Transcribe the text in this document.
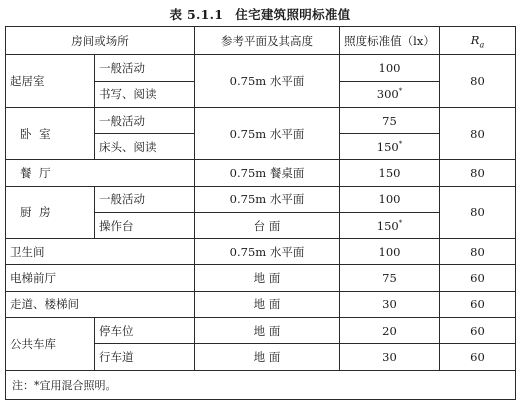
表 5.1.1 住宅建筑照明标准值
房间或场所		参考平面及其高度	照度标准值（lx）	$R_a$
起居室	一般活动	0.75m 水平面	100	80
	书写、阅读		300*
卧 室	一般活动	0.75m 水平面	75	80
	床头、阅读		150*
餐 厅		0.75m 餐桌面	150	80
厨 房	一般活动	0.75m 水平面	100	80
	操作台	台 面	150*
卫生间		0.75m 水平面	100	80
电梯前厅		地 面	75	60
走道、楼梯间		地 面	30	60
公共车库	停车位	地 面	20	60
	行车道	地 面	30	60
注：*宜用混合照明。				
